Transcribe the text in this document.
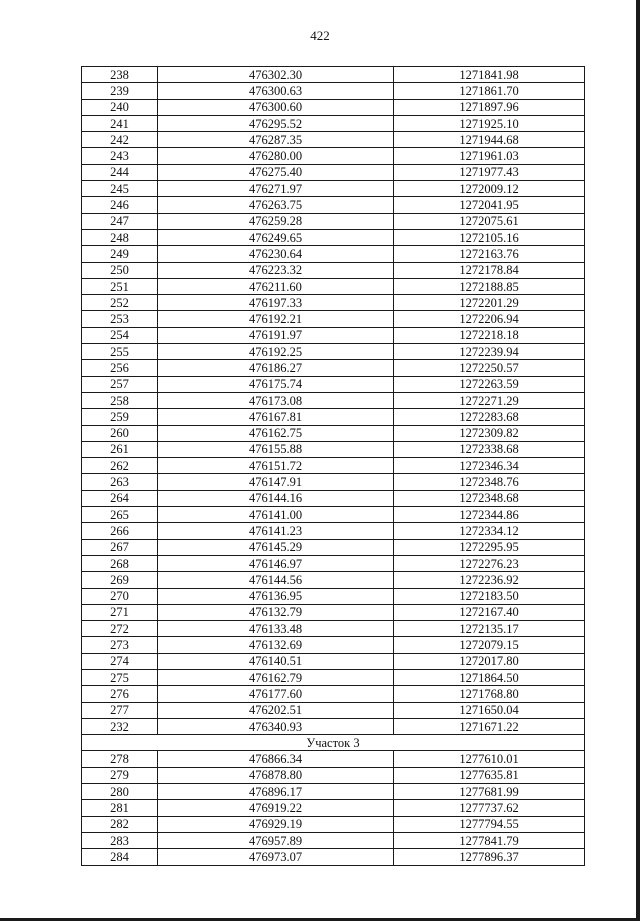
422
238	476302.30	1271841.98
239	476300.63	1271861.70
240	476300.60	1271897.96
241	476295.52	1271925.10
242	476287.35	1271944.68
243	476280.00	1271961.03
244	476275.40	1271977.43
245	476271.97	1272009.12
246	476263.75	1272041.95
247	476259.28	1272075.61
248	476249.65	1272105.16
249	476230.64	1272163.76
250	476223.32	1272178.84
251	476211.60	1272188.85
252	476197.33	1272201.29
253	476192.21	1272206.94
254	476191.97	1272218.18
255	476192.25	1272239.94
256	476186.27	1272250.57
257	476175.74	1272263.59
258	476173.08	1272271.29
259	476167.81	1272283.68
260	476162.75	1272309.82
261	476155.88	1272338.68
262	476151.72	1272346.34
263	476147.91	1272348.76
264	476144.16	1272348.68
265	476141.00	1272344.86
266	476141.23	1272334.12
267	476145.29	1272295.95
268	476146.97	1272276.23
269	476144.56	1272236.92
270	476136.95	1272183.50
271	476132.79	1272167.40
272	476133.48	1272135.17
273	476132.69	1272079.15
274	476140.51	1272017.80
275	476162.79	1271864.50
276	476177.60	1271768.80
277	476202.51	1271650.04
232	476340.93	1271671.22
Участок 3		
278	476866.34	1277610.01
279	476878.80	1277635.81
280	476896.17	1277681.99
281	476919.22	1277737.62
282	476929.19	1277794.55
283	476957.89	1277841.79
284	476973.07	1277896.37
